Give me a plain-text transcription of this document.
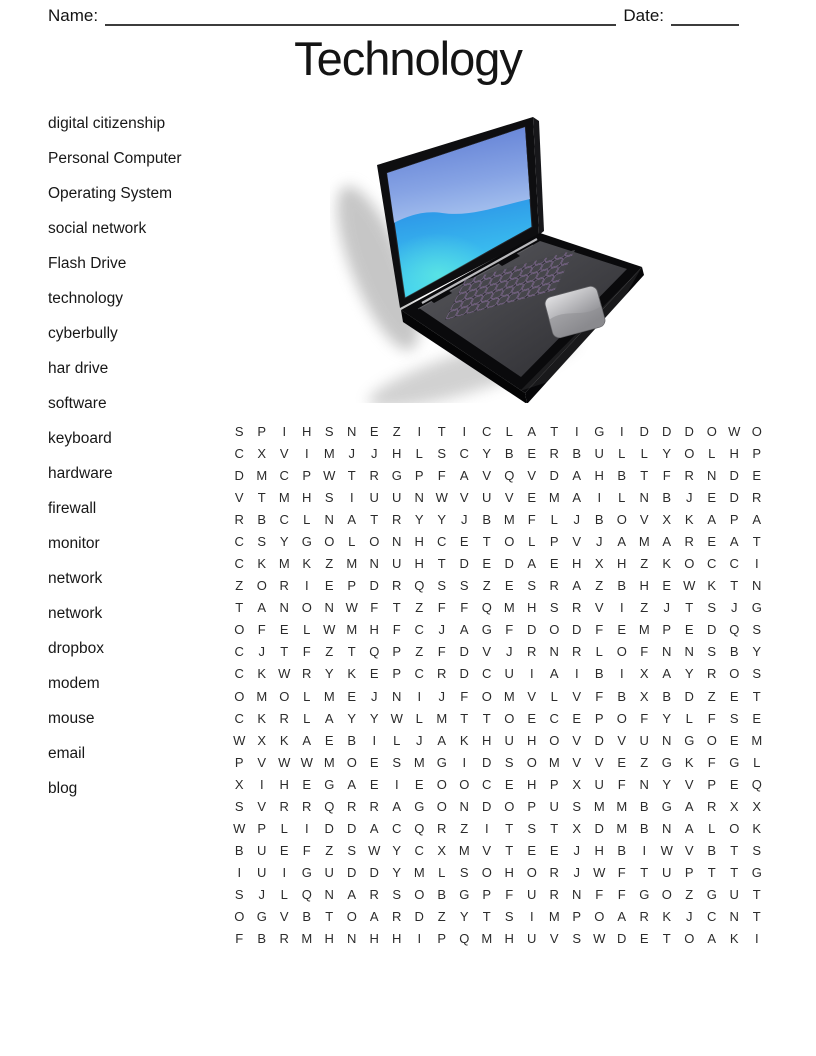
Name:	Date:
Technology
digital citizenship
Personal Computer
Operating System
social network
Flash Drive
technology
cyberbully
har drive
software
keyboard
hardware
firewall
monitor
network
network
dropbox
modem
mouse
email
blog
S	P	I	H	S	N	E	Z	I	T	I	C	L	A	T	I	G	I	D	D	D O W O
C	X	V	I	M	J	J	H	L	S	C	Y	B	E	R	B	U	L	L	Y	O	L	H	P
D M C	P W T	R G	P	F	A	V	Q	V	D	A	H	B	T	F	R	N	D	E
V	T	M H	S	I	U	U	N W V	U	V	E M A	I	L	N	B	J	E	D	R
R	B	C	L	N	A	T	R	Y	Y	J	B M	F	L	J	B	O	V	X	K	A	P	A
C	S	Y	G O	L	O N	H	C	E	T	O	L	P	V	J	A M A	R	E	A	T
C	K M K	Z	M N	U	H	T	D	E	D	A	E	H	X	H	Z	K	O C	C	I
Z	O R	I	E	P	D	R Q	S	S	Z	E	S	R	A	Z	B	H	E W K	T	N
T	A	N O N W F	T	Z	F	F	Q M H	S	R	V	I	Z	J	T	S	J	G
O	F	E	L W M H	F	C	J	A	G	F	D O D	F	E M P	E	D Q	S
C	J	T	F	Z	T	Q	P	Z	F	D	V	J	R	N	R	L	O	F	N	N	S	B	Y
C	K W R	Y	K	E	P	C	R	D	C	U	I	A	I	B	I	X	A	Y	R O	S
O M O	L	M E	J	N	I	J	F	O M V	L	V	F	B	X	B	D	Z	E	T
C	K	R	L	A	Y	Y W L	M	T	T	O	E	C	E	P	O	F	Y	L	F	S	E
W X	K	A	E	B	I	L	J	A	K	H	U	H O	V	D	V	U	N G O	E M
P	V W W M O	E	S M G	I	D	S	O M V	V	E	Z	G	K	F	G	L
X	I	H	E	G	A	E	I	E	O O C	E	H	P	X	U	F	N	Y	V	P	E	Q
S	V	R	R Q R	R	A	G O N	D O	P	U	S M M B	G	A	R	X	X
W P	L	I	D	D	A	C Q R	Z	I	T	S	T	X	D M B	N	A	L	O	K
B	U	E	F	Z	S W Y	C	X M V	T	E	E	J	H	B	I	W V	B	T	S
I	U	I	G U	D	D	Y M	L	S	O H O R	J	W F	T	U	P	T	T	G
S	J	L	Q N	A	R	S	O	B	G	P	F	U	R	N	F	F	G O	Z	G U	T
O G	V	B	T	O	A	R	D	Z	Y	T	S	I	M P	O	A	R	K	J	C	N	T
F	B	R M H	N	H	H	I	P	Q M H	U	V	S W D	E	T	O	A	K	I
